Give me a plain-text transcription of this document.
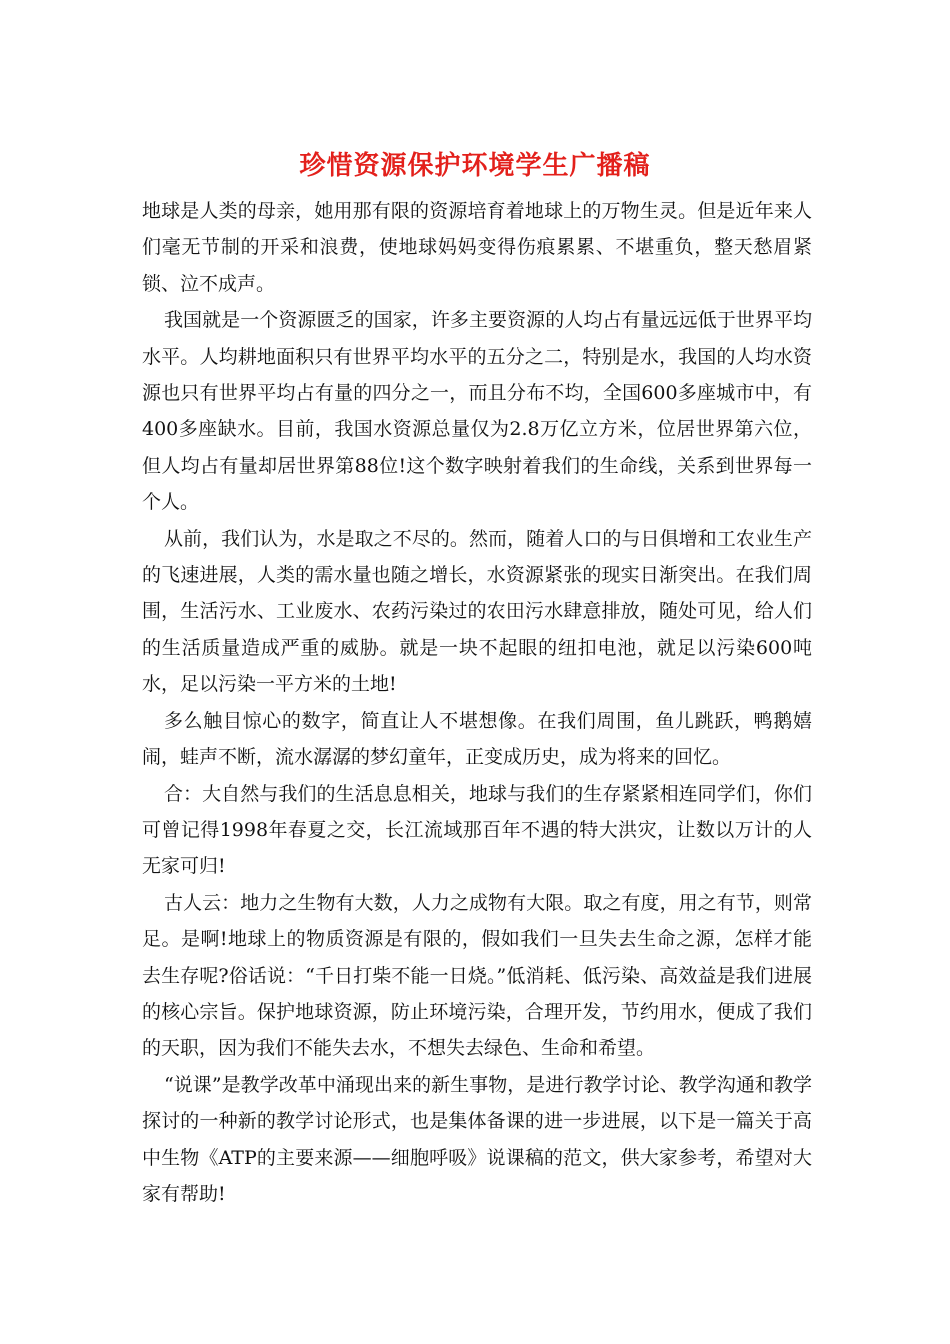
珍惜资源保护环境学生广播稿

地球是人类的母亲，她用那有限的资源培育着地球上的万物生灵。但是近年来人们毫无节制的开采和浪费，使地球妈妈变得伤痕累累、不堪重负，整天愁眉紧锁、泣不成声。

我国就是一个资源匮乏的国家，许多主要资源的人均占有量远远低于世界平均水平。人均耕地面积只有世界平均水平的五分之二，特别是水，我国的人均水资源也只有世界平均占有量的四分之一，而且分布不均，全国600多座城市中，有400多座缺水。目前，我国水资源总量仅为2.8万亿立方米，位居世界第六位，但人均占有量却居世界第88位!这个数字映射着我们的生命线，关系到世界每一个人。

从前，我们认为，水是取之不尽的。然而，随着人口的与日俱增和工农业生产的飞速进展，人类的需水量也随之增长，水资源紧张的现实日渐突出。在我们周围，生活污水、工业废水、农药污染过的农田污水肆意排放，随处可见，给人们的生活质量造成严重的威胁。就是一块不起眼的纽扣电池，就足以污染600吨水，足以污染一平方米的土地!

多么触目惊心的数字，简直让人不堪想像。在我们周围，鱼儿跳跃，鸭鹅嬉闹，蛙声不断，流水潺潺的梦幻童年，正变成历史，成为将来的回忆。

合：大自然与我们的生活息息相关，地球与我们的生存紧紧相连同学们，你们可曾记得1998年春夏之交，长江流域那百年不遇的特大洪灾，让数以万计的人无家可归!

古人云：地力之生物有大数，人力之成物有大限。取之有度，用之有节，则常足。是啊!地球上的物质资源是有限的，假如我们一旦失去生命之源，怎样才能去生存呢?俗话说：“千日打柴不能一日烧。”低消耗、低污染、高效益是我们进展的核心宗旨。保护地球资源，防止环境污染，合理开发，节约用水，便成了我们的天职，因为我们不能失去水，不想失去绿色、生命和希望。

“说课”是教学改革中涌现出来的新生事物，是进行教学讨论、教学沟通和教学探讨的一种新的教学讨论形式，也是集体备课的进一步进展，以下是一篇关于高中生物《ATP的主要来源——细胞呼吸》说课稿的范文，供大家参考，希望对大家有帮助!
